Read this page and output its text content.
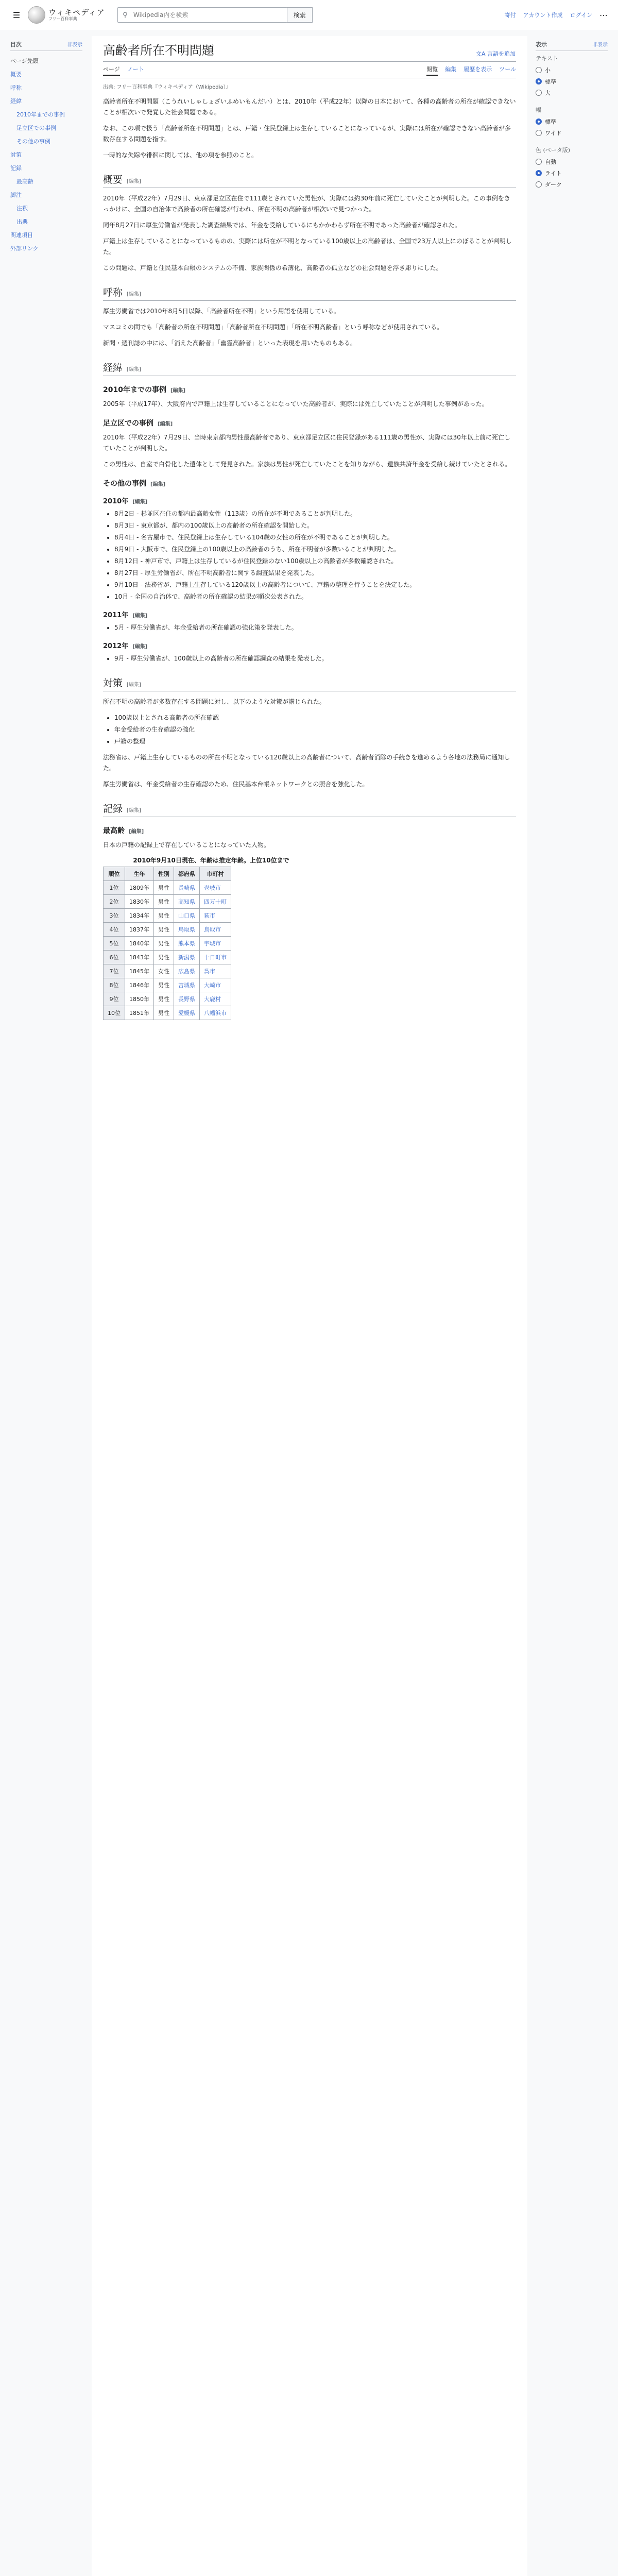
☰	ウィキペディア
フリー百科事典	⚲
Wikipedia内を検索	検索	寄付 アカウント作成 ログイン ⋯
目次	非表示
ページ先頭
概要
呼称
経緯
2010年までの事例
足立区での事例
その他の事例
対策
記録
最高齢
脚注
注釈
出典
関連項目
外部リンク
表示	非表示
テキスト
小
標準
大
幅
標準
ワイド
色 (ベータ版)
自動
ライト
ダーク
高齢者所在不明問題	文A 言語を追加
ページ ノート	閲覧 編集 履歴を表示 ツール
出典: フリー百科事典『ウィキペディア（Wikipedia）』

高齢者所在不明問題（こうれいしゃしょざいふめいもんだい）とは、2010年（平成22年）以降の日本において、各種の高齢者の所在が確認できないことが相次いで発覚した社会問題である。

なお、この項で扱う「高齢者所在不明問題」とは、戸籍・住民登録上は生存していることになっているが、実際には所在が確認できない高齢者が多数存在する問題を指す。

一時的な失踪や徘徊に関しては、他の項を参照のこと。

概要 [編集]

2010年（平成22年）7月29日、東京都足立区在住で111歳とされていた男性が、実際には約30年前に死亡していたことが判明した。この事例をきっかけに、全国の自治体で高齢者の所在確認が行われ、所在不明の高齢者が相次いで見つかった。

同年8月27日に厚生労働省が発表した調査結果では、年金を受給しているにもかかわらず所在不明であった高齢者が確認された。

戸籍上は生存していることになっているものの、実際には所在が不明となっている100歳以上の高齢者は、全国で23万人以上にのぼることが判明した。

この問題は、戸籍と住民基本台帳のシステムの不備、家族関係の希薄化、高齢者の孤立などの社会問題を浮き彫りにした。

呼称 [編集]

厚生労働省では2010年8月5日以降、「高齢者所在不明」という用語を使用している。

マスコミの間でも「高齢者の所在不明問題」「高齢者所在不明問題」「所在不明高齢者」という呼称などが使用されている。

新聞・週刊誌の中には、「消えた高齢者」「幽霊高齢者」といった表現を用いたものもある。

経緯 [編集]
2010年までの事例 [編集]

2005年（平成17年）、大阪府内で戸籍上は生存していることになっていた高齢者が、実際には死亡していたことが判明した事例があった。

足立区での事例 [編集]

2010年（平成22年）7月29日、当時東京都内男性最高齢者であり、東京都足立区に住民登録がある111歳の男性が、実際には30年以上前に死亡していたことが判明した。

この男性は、自室で白骨化した遺体として発見された。家族は男性が死亡していたことを知りながら、遺族共済年金を受給し続けていたとされる。

その他の事例 [編集]
2010年 [編集]
• 8月2日 - 杉並区在住の都内最高齢女性（113歳）の所在が不明であることが判明した。
• 8月3日 - 東京都が、都内の100歳以上の高齢者の所在確認を開始した。
• 8月4日 - 名古屋市で、住民登録上は生存している104歳の女性の所在が不明であることが判明した。
• 8月9日 - 大阪市で、住民登録上の100歳以上の高齢者のうち、所在不明者が多数いることが判明した。
• 8月12日 - 神戸市で、戸籍上は生存しているが住民登録のない100歳以上の高齢者が多数確認された。
• 8月27日 - 厚生労働省が、所在不明高齢者に関する調査結果を発表した。
• 9月10日 - 法務省が、戸籍上生存している120歳以上の高齢者について、戸籍の整理を行うことを決定した。
• 10月 - 全国の自治体で、高齢者の所在確認の結果が順次公表された。
2011年 [編集]
• 5月 - 厚生労働省が、年金受給者の所在確認の強化策を発表した。
2012年 [編集]
• 9月 - 厚生労働省が、100歳以上の高齢者の所在確認調査の結果を発表した。
対策 [編集]

所在不明の高齢者が多数存在する問題に対し、以下のような対策が講じられた。

• 100歳以上とされる高齢者の所在確認
• 年金受給者の生存確認の強化
• 戸籍の整理

法務省は、戸籍上生存しているものの所在不明となっている120歳以上の高齢者について、高齢者消除の手続きを進めるよう各地の法務局に通知した。

厚生労働省は、年金受給者の生存確認のため、住民基本台帳ネットワークとの照合を強化した。

記録 [編集]
最高齢 [編集]

日本の戸籍の記録上で存在していることになっていた人物。

2010年9月10日現在、年齢は推定年齢。上位10位まで
順位	生年	性別	都府県	市町村
1位	1809年	男性	長崎県	壱岐市
2位	1830年	男性	高知県	四万十町
3位	1834年	男性	山口県	萩市
4位	1837年	男性	鳥取県	鳥取市
5位	1840年	男性	熊本県	宇城市
6位	1843年	男性	新潟県	十日町市
7位	1845年	女性	広島県	呉市
8位	1846年	男性	宮城県	大崎市
9位	1850年	男性	長野県	大鹿村
10位	1851年	男性	愛媛県	八幡浜市
